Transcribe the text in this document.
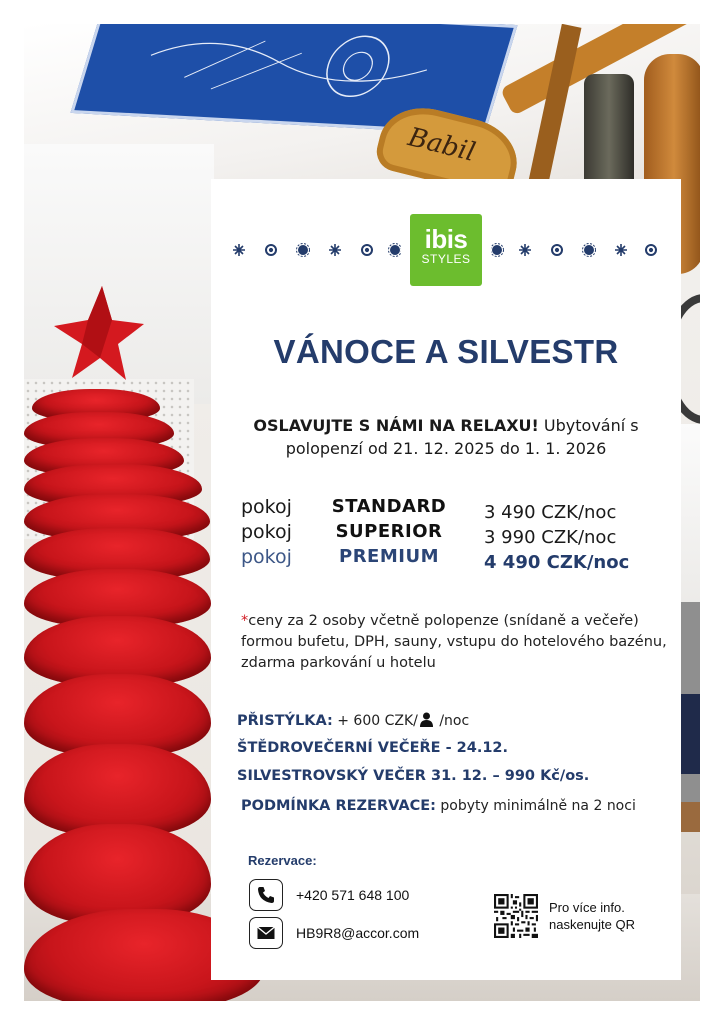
Babil
ibis
STYLES
VÁNOCE A SILVESTR
OSLAVUJTE S NÁMI NA RELAXU! Ubytování s polopenzí od 21. 12. 2025 do 1. 1. 2026
pokoj	STANDARD	3 490 CZK/noc
pokoj	SUPERIOR	3 990 CZK/noc
pokoj	PREMIUM	4 490 CZK/noc
*ceny za 2 osoby včetně polopenze (snídaně a večeře) formou bufetu, DPH, sauny, vstupu do hotelového bazénu, zdarma parkování u hotelu
PŘISTÝLKA: + 600 CZK/ /noc
ŠTĚDROVEČERNÍ VEČEŘE - 24.12.
SILVESTROVSKÝ VEČER 31. 12. – 990 Kč/os.
PODMÍNKA REZERVACE: pobyty minimálně na 2 noci
Rezervace:
+420 571 648 100
HB9R8@accor.com
Pro více info. naskenujte QR
